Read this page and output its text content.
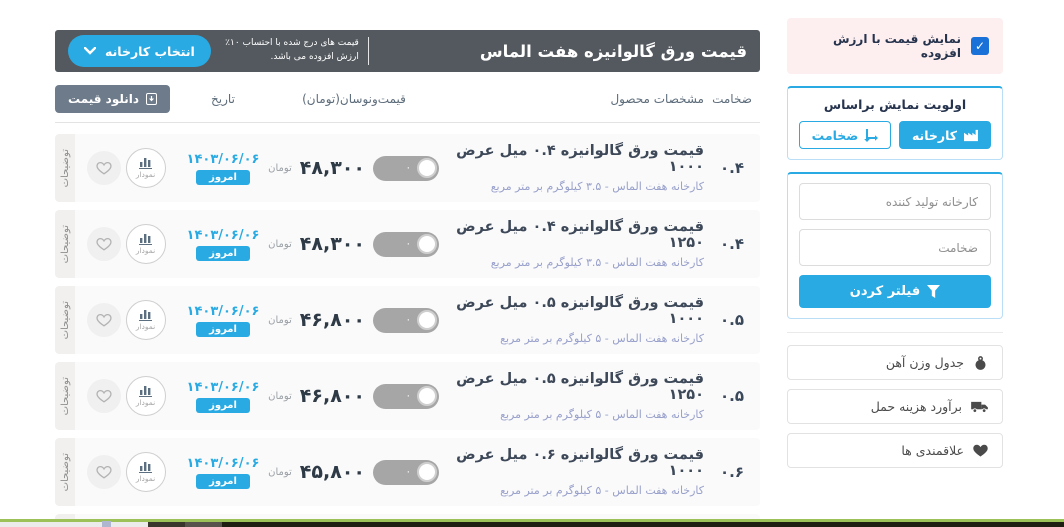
✓
نمایش قیمت با ارزش افزوده
اولویت نمایش براساس
کارخانه
ضخامت
کارخانه تولید کننده ضخامت
فیلتر کردن
جدول وزن آهن
برآورد هزینه حمل
علاقمندی ها
قیمت ورق گالوانیزه هفت الماس
قیمت های درج شده با احتساب ۱۰٪ ارزش افزوده می باشد.
انتخاب کارخانه
ضخامت
مشخصات محصول
قیمت‌ونوسان(تومان)
تاریخ
دانلود قیمت
۰.۴
قیمت ورق گالوانیزه ۰.۴ میل عرض ۱۰۰۰
کارخانه هفت الماس - ۳.۵ کیلوگرم بر متر مربع
۰
۴۸,۳۰۰
تومان
۱۴۰۳/۰۶/۰۶
امروز
نمودار
توضیحات
۰.۴
قیمت ورق گالوانیزه ۰.۴ میل عرض ۱۲۵۰
کارخانه هفت الماس - ۳.۵ کیلوگرم بر متر مربع
۰
۴۸,۳۰۰
تومان
۱۴۰۳/۰۶/۰۶
امروز
نمودار
توضیحات
۰.۵
قیمت ورق گالوانیزه ۰.۵ میل عرض ۱۰۰۰
کارخانه هفت الماس - ۵ کیلوگرم بر متر مربع
۰
۴۶,۸۰۰
تومان
۱۴۰۳/۰۶/۰۶
امروز
نمودار
توضیحات
۰.۵
قیمت ورق گالوانیزه ۰.۵ میل عرض ۱۲۵۰
کارخانه هفت الماس - ۵ کیلوگرم بر متر مربع
۰
۴۶,۸۰۰
تومان
۱۴۰۳/۰۶/۰۶
امروز
نمودار
توضیحات
۰.۶
قیمت ورق گالوانیزه ۰.۶ میل عرض ۱۰۰۰
کارخانه هفت الماس - ۵ کیلوگرم بر متر مربع
۰
۴۵,۸۰۰
تومان
۱۴۰۳/۰۶/۰۶
امروز
نمودار
توضیحات
